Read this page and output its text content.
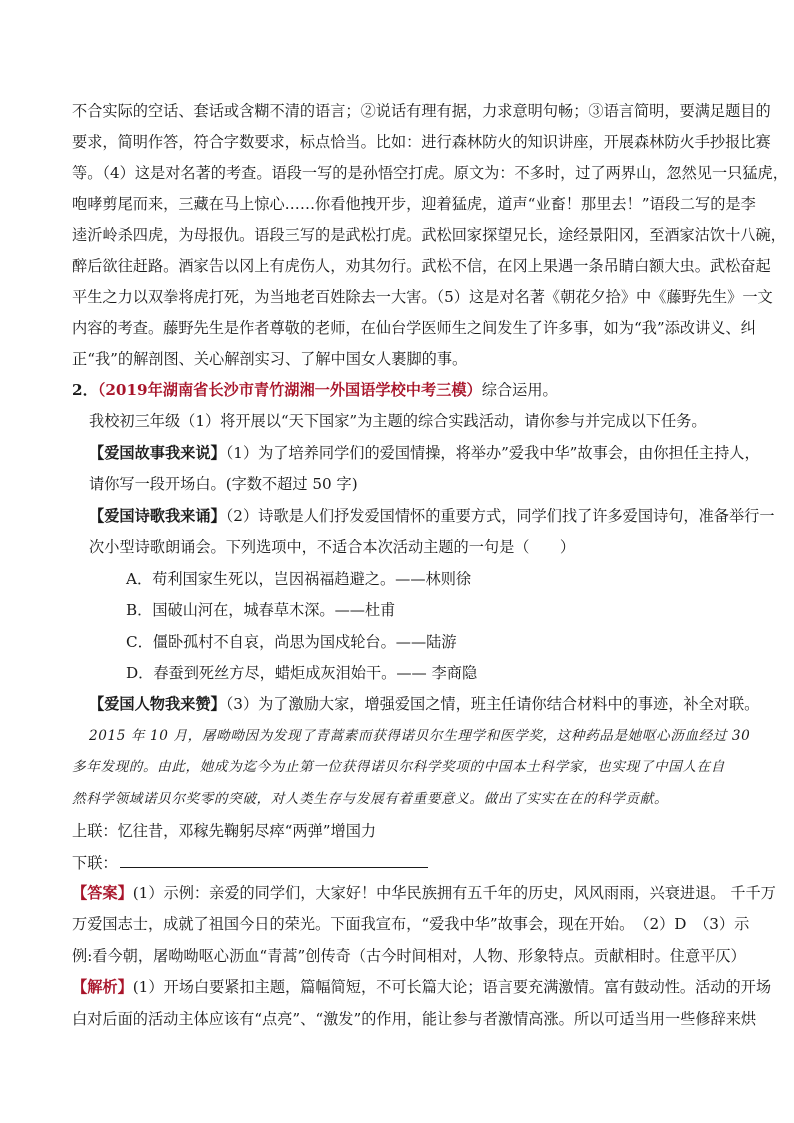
不合实际的空话、套话或含糊不清的语言；②说话有理有据，力求意明句畅；③语言简明，要满足题目的
要求，简明作答，符合字数要求，标点恰当。比如：进行森林防火的知识讲座，开展森林防火手抄报比赛
等。（4）这是对名著的考查。语段一写的是孙悟空打虎。原文为：不多时，过了两界山，忽然见一只猛虎，
咆哮剪尾而来，三藏在马上惊心……你看他拽开步，迎着猛虎，道声“业畜！那里去！”语段二写的是李
逵沂岭杀四虎，为母报仇。语段三写的是武松打虎。武松回家探望兄长，途经景阳冈，至酒家沽饮十八碗，
醉后欲往赶路。酒家告以冈上有虎伤人，劝其勿行。武松不信，在冈上果遇一条吊睛白额大虫。武松奋起
平生之力以双拳将虎打死，为当地老百姓除去一大害。（5）这是对名著《朝花夕拾》中《藤野先生》一文
内容的考查。藤野先生是作者尊敬的老师，在仙台学医师生之间发生了许多事，如为“我”添改讲义、纠
正“我”的解剖图、关心解剖实习、了解中国女人裹脚的事。
2．（2019年湖南省长沙市青竹湖湘一外国语学校中考三模）综合运用。
我校初三年级（1）将开展以“天下国家”为主题的综合实践活动，请你参与并完成以下任务。
【爱国故事我来说】（1）为了培养同学们的爱国情操，将举办”爱我中华”故事会，由你担任主持人，
请你写一段开场白。(字数不超过 50 字)
【爱国诗歌我来诵】（2）诗歌是人们抒发爱国情怀的重要方式，同学们找了许多爱国诗句，准备举行一
次小型诗歌朗诵会。下列选项中，不适合本次活动主题的一句是（　　）
A．苟利国家生死以，岂因祸福趋避之。——林则徐
B．国破山河在，城春草木深。——杜甫
C．僵卧孤村不自哀，尚思为国戍轮台。——陆游
D．春蚕到死丝方尽，蜡炬成灰泪始干。—— 李商隐
【爱国人物我来赞】（3）为了激励大家，增强爱国之情，班主任请你结合材料中的事迹，补全对联。
2015 年 10 月，屠呦呦因为发现了青蒿素而获得诺贝尔生理学和医学奖，这种药品是她呕心沥血经过 30
多年发现的。由此，她成为迄今为止第一位获得诺贝尔科学奖项的中国本土科学家，也实现了中国人在自
然科学领域诺贝尔奖零的突破，对人类生存与发展有着重要意义。做出了实实在在的科学贡献。
上联：忆往昔，邓稼先鞠躬尽瘁“两弹”增国力
下联：
【答案】(1）示例：亲爱的同学们，大家好！中华民族拥有五千年的历史，风风雨雨，兴衰进退。 千千万
万爱国志士，成就了祖国今日的荣光。下面我宣布，“爱我中华”故事会，现在开始。　（2）D　（3）示
例:看今朝，屠呦呦呕心沥血“青蒿”创传奇（古今时间相对，人物、形象特点。贡献相时。住意平仄）
【解析】(1）开场白要紧扣主题，篇幅简短，不可长篇大论；语言要充满激情。富有鼓动性。活动的开场
白对后面的活动主体应该有“点亮”、“激发”的作用，能让参与者激情高涨。所以可适当用一些修辞来烘
